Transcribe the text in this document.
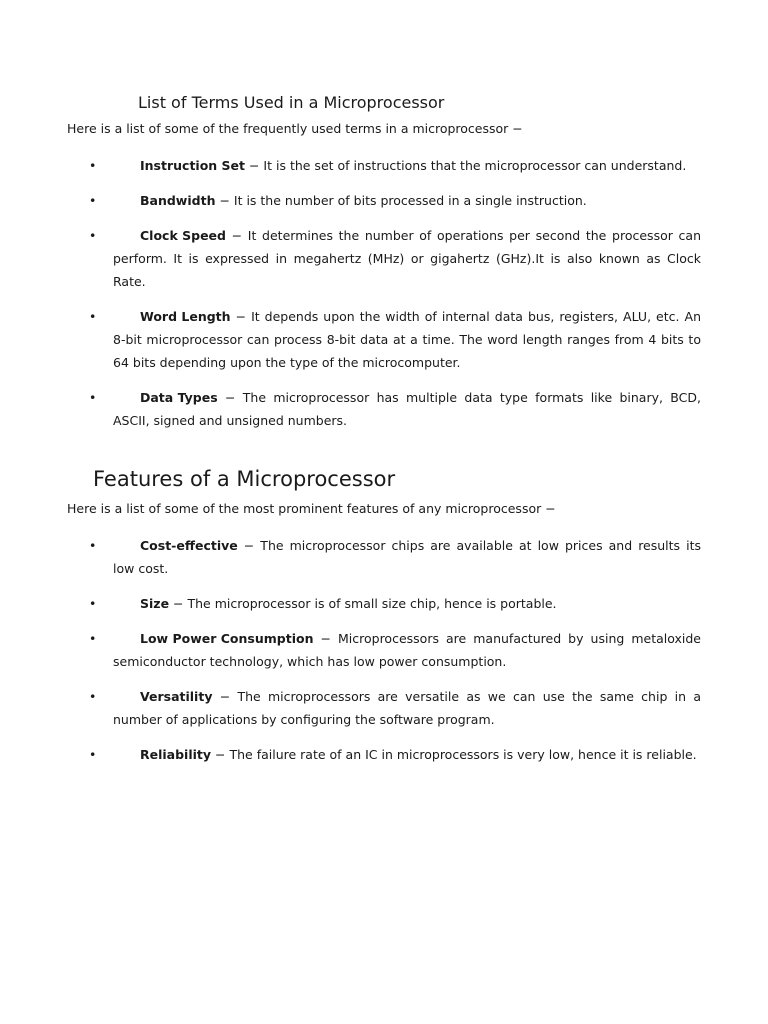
List of Terms Used in a Microprocessor

Here is a list of some of the frequently used terms in a microprocessor −

•	Instruction Set − It is the set of instructions that the microprocessor can understand.
•	Bandwidth − It is the number of bits processed in a single instruction.
•	Clock Speed − It determines the number of operations per second the processor can perform. It is expressed in megahertz (MHz) or gigahertz (GHz).It is also known as Clock Rate.
•	Word Length − It depends upon the width of internal data bus, registers, ALU, etc. An 8-bit microprocessor can process 8-bit data at a time. The word length ranges from 4 bits to 64 bits depending upon the type of the microcomputer.
•	Data Types − The microprocessor has multiple data type formats like binary, BCD, ASCII, signed and unsigned numbers.
Features of a Microprocessor

Here is a list of some of the most prominent features of any microprocessor −

•	Cost-effective − The microprocessor chips are available at low prices and results its low cost.
•	Size − The microprocessor is of small size chip, hence is portable.
•	Low Power Consumption − Microprocessors are manufactured by using metaloxide semiconductor technology, which has low power consumption.
•	Versatility − The microprocessors are versatile as we can use the same chip in a number of applications by configuring the software program.
•	Reliability − The failure rate of an IC in microprocessors is very low, hence it is reliable.
